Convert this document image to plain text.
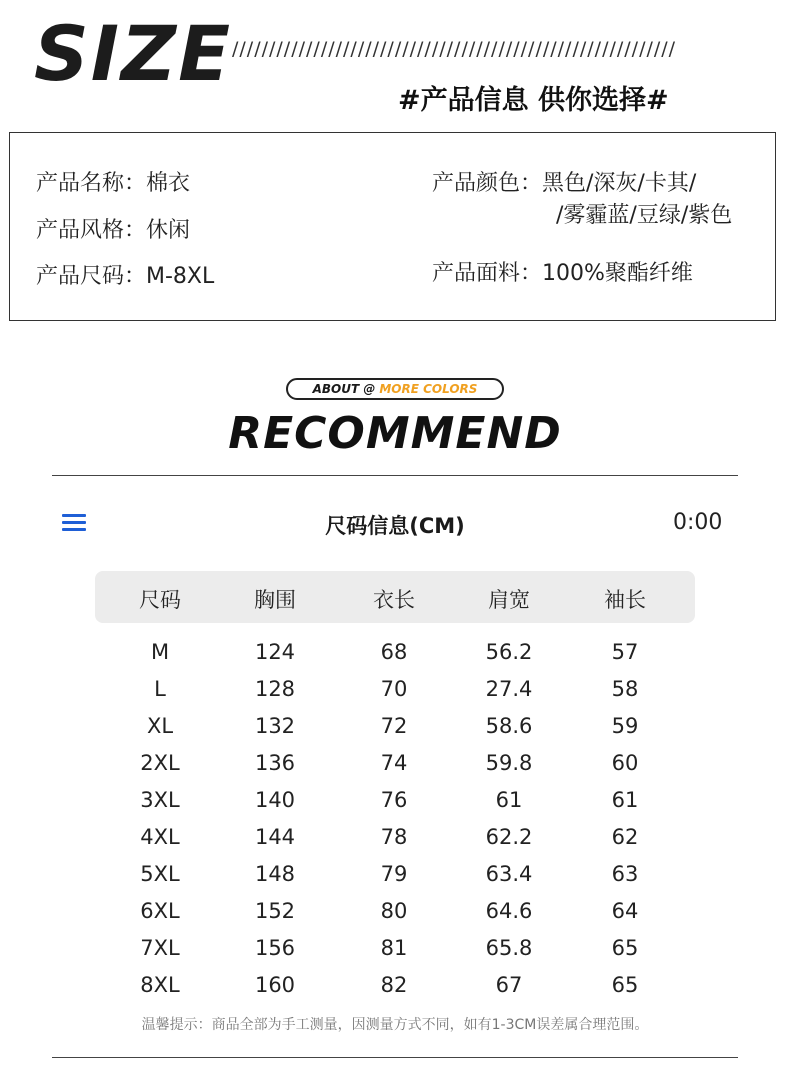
SIZE ////////////////////////////////////////////////////////////
#产品信息 供你选择#
产品名称：棉衣
产品风格：休闲
产品尺码：M-8XL
产品颜色：黑色/深灰/卡其/
/雾霾蓝/豆绿/紫色
产品面料：100%聚酯纤维
ABOUT @ MORE COLORS
RECOMMEND
尺码信息(CM)	0:00
尺码	胸围	衣长	肩宽	袖长
M	124	68	56.2	57
L	128	70	27.4	58
XL	132	72	58.6	59
2XL	136	74	59.8	60
3XL	140	76	61	61
4XL	144	78	62.2	62
5XL	148	79	63.4	63
6XL	152	80	64.6	64
7XL	156	81	65.8	65
8XL	160	82	67	65
温馨提示：商品全部为手工测量，因测量方式不同，如有1-3CM误差属合理范围。
